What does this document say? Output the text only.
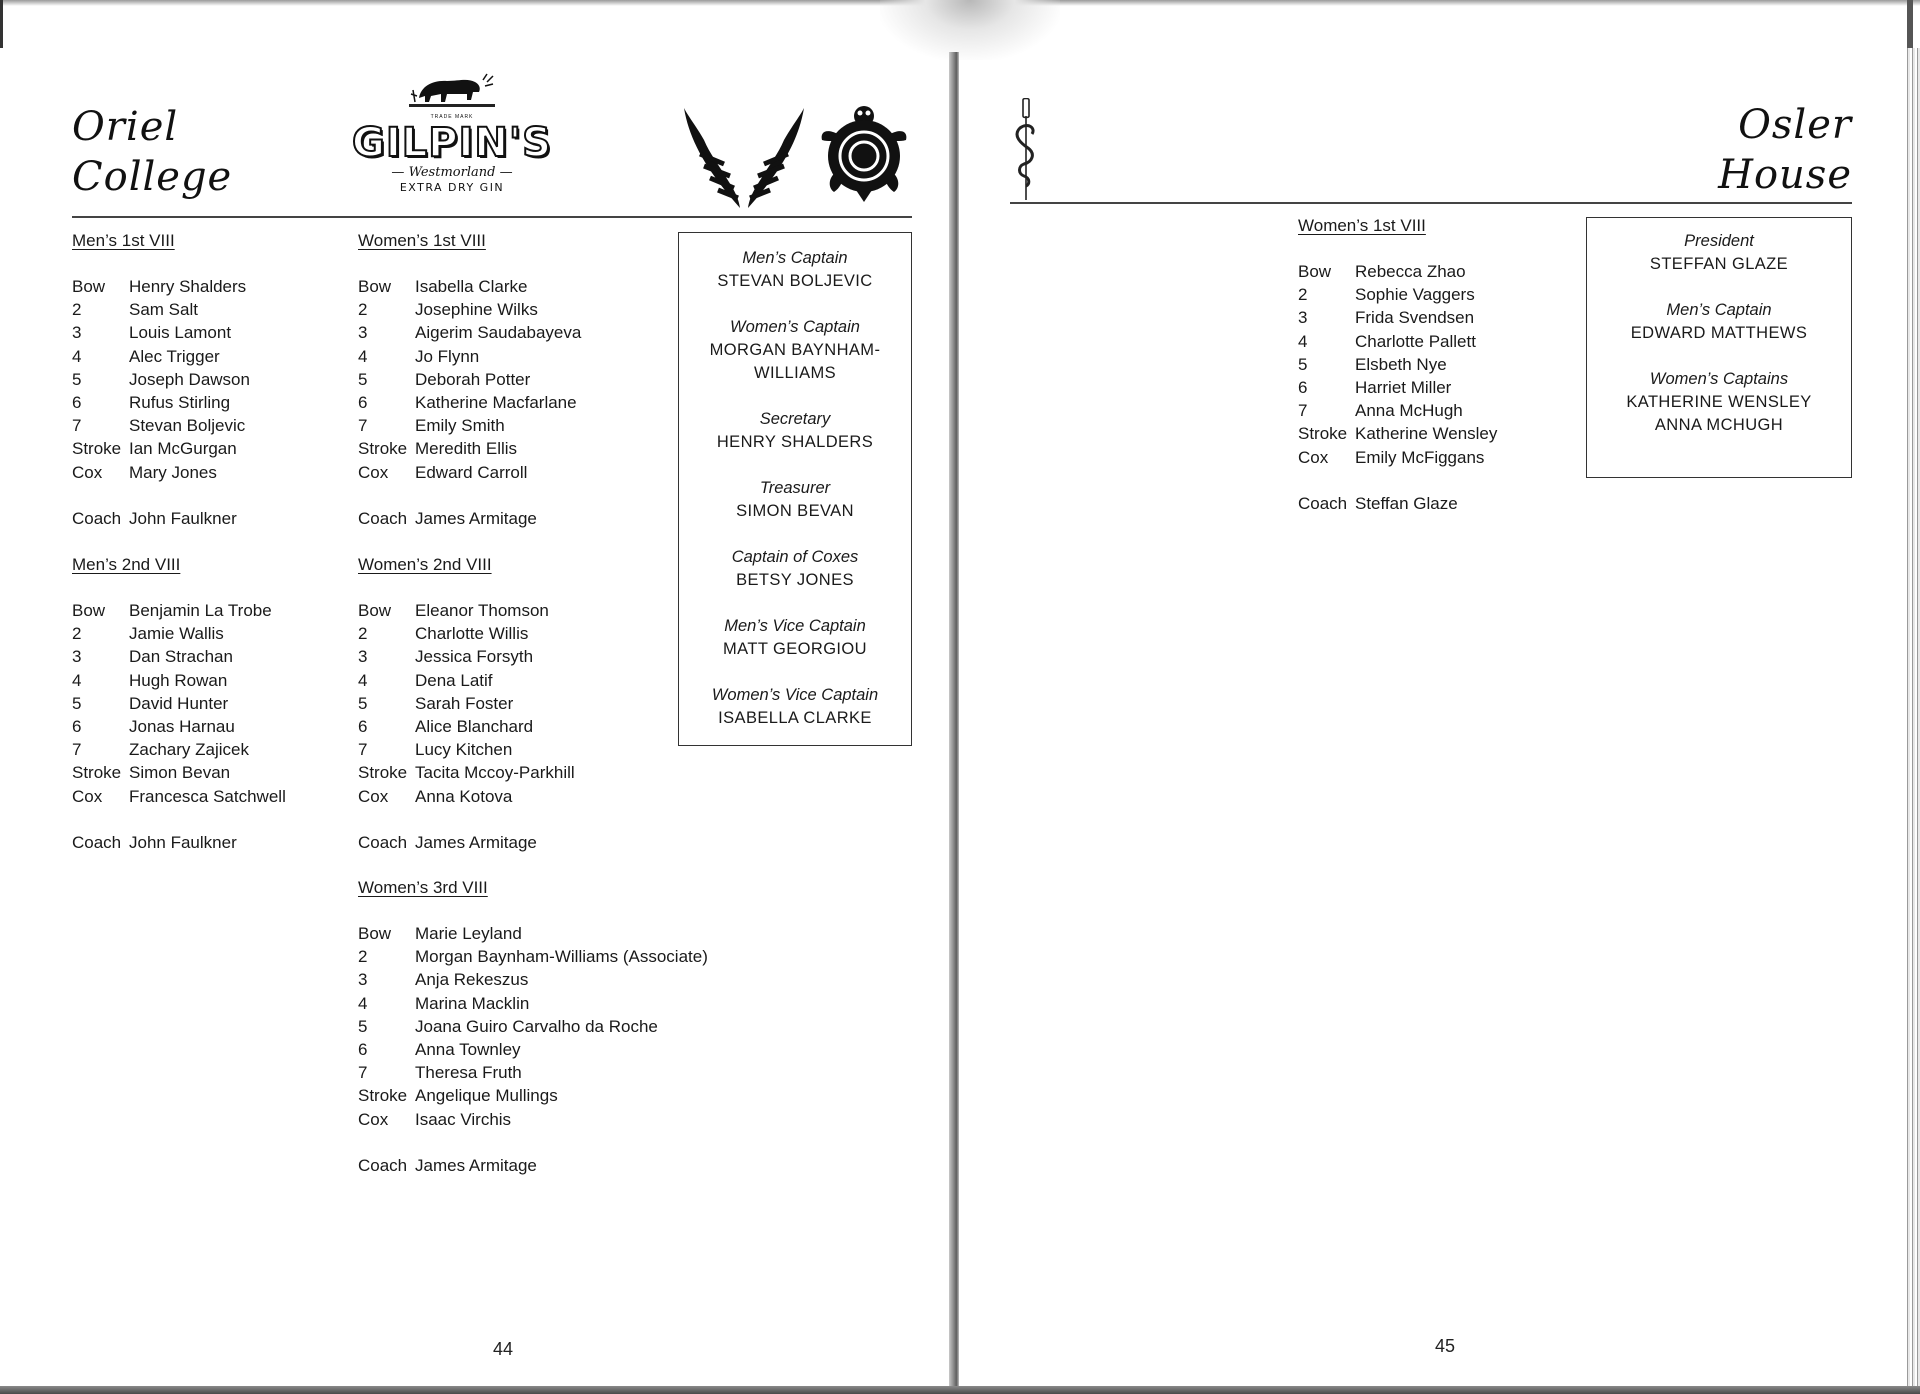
Oriel
College
TRADE MARK
GILPIN'S
— Westmorland —
EXTRA DRY GIN
Men’s 1st VIII
Bow	Henry Shalders
2	Sam Salt
3	Louis Lamont
4	Alec Trigger
5	Joseph Dawson
6	Rufus Stirling
7	Stevan Boljevic
Stroke Ian McGurgan
Cox	Mary Jones
Coach John Faulkner
Men’s 2nd VIII
Bow	Benjamin La Trobe
2	Jamie Wallis
3	Dan Strachan
4	Hugh Rowan
5	David Hunter
6	Jonas Harnau
7	Zachary Zajicek
Stroke Simon Bevan
Cox	Francesca Satchwell
Coach John Faulkner
Women’s 1st VIII
Bow	Isabella Clarke
2	Josephine Wilks
3	Aigerim Saudabayeva
4	Jo Flynn
5	Deborah Potter
6	Katherine Macfarlane
7	Emily Smith
Stroke Meredith Ellis
Cox	Edward Carroll
Coach James Armitage
Women’s 2nd VIII
Bow	Eleanor Thomson
2	Charlotte Willis
3	Jessica Forsyth
4	Dena Latif
5	Sarah Foster
6	Alice Blanchard
7	Lucy Kitchen
Stroke Tacita Mccoy-Parkhill
Cox	Anna Kotova
Coach James Armitage
Women’s 3rd VIII
Bow	Marie Leyland
2	Morgan Baynham-Williams (Associate)
3	Anja Rekeszus
4	Marina Macklin
5	Joana Guiro Carvalho da Roche
6	Anna Townley
7	Theresa Fruth
Stroke Angelique Mullings
Cox	Isaac Virchis
Coach James Armitage
Men’s Captain
STEVAN BOLJEVIC
Women’s Captain
MORGAN BAYNHAM-
WILLIAMS
Secretary
HENRY SHALDERS
Treasurer
SIMON BEVAN
Captain of Coxes
BETSY JONES
Men’s Vice Captain
MATT GEORGIOU
Women’s Vice Captain
ISABELLA CLARKE
44
Osler
House
Women’s 1st VIII
Bow	Rebecca Zhao
2	Sophie Vaggers
3	Frida Svendsen
4	Charlotte Pallett
5	Elsbeth Nye
6	Harriet Miller
7	Anna McHugh
Stroke Katherine Wensley
Cox	Emily McFiggans
Coach Steffan Glaze
President
STEFFAN GLAZE
Men’s Captain
EDWARD MATTHEWS
Women’s Captains
KATHERINE WENSLEY
ANNA MCHUGH
45
